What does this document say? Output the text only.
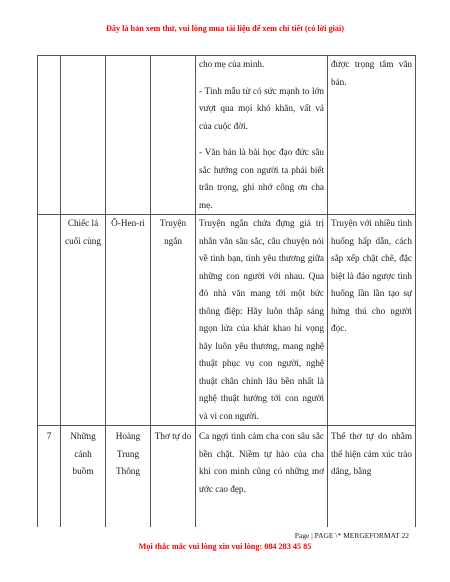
Đây là bản xem thử, vui lòng mua tài liệu để xem chi tiết (có lời giải)

				cho mẹ của mình.

- Tình mẫu tử có sức mạnh to lớn vượt qua mọi khó khăn, vất vả của cuộc đời.

- Văn bản là bài học đạo đức sâu sắc hướng con người ta phải biết trân trọng, ghi nhớ công ơn cha mẹ.	được trọng tâm văn bản.
	Chiếc lá cuối cùng	Ô-Hen-ri	Truyện ngắn	Truyện ngắn chứa đựng giá trị nhân văn sâu sắc, câu chuyện nói về tình bạn, tình yêu thương giữa những con người với nhau. Qua đó nhà văn mang tới một bức thông điệp: Hãy luôn thắp sáng ngọn lửa của khát khao hi vọng hãy luôn yêu thương, mang nghệ thuật phục vụ con người, nghệ thuật chân chính lâu bền nhất là nghệ thuật hướng tới con người và vì con người.	Truyện với nhiều tình huống hấp dẫn, cách sắp xếp chặt chẽ, đặc biệt là đảo ngược tình huống lần lần tạo sự hứng thú cho người đọc.
7	Những cánh buồm	Hoàng Trung Thông	Thơ tự do	Ca ngợi tình cảm cha con sâu sắc bền chặt. Niềm tự hào của cha khi con mình cũng có những mơ ước cao đẹp.	Thể thơ tự do nhằm thể hiện cảm xúc trào dâng, bằng
Page | PAGE \* MERGEFORMAT 22
Mọi thắc mắc vui lòng xin vui lòng: 084 283 45 85
